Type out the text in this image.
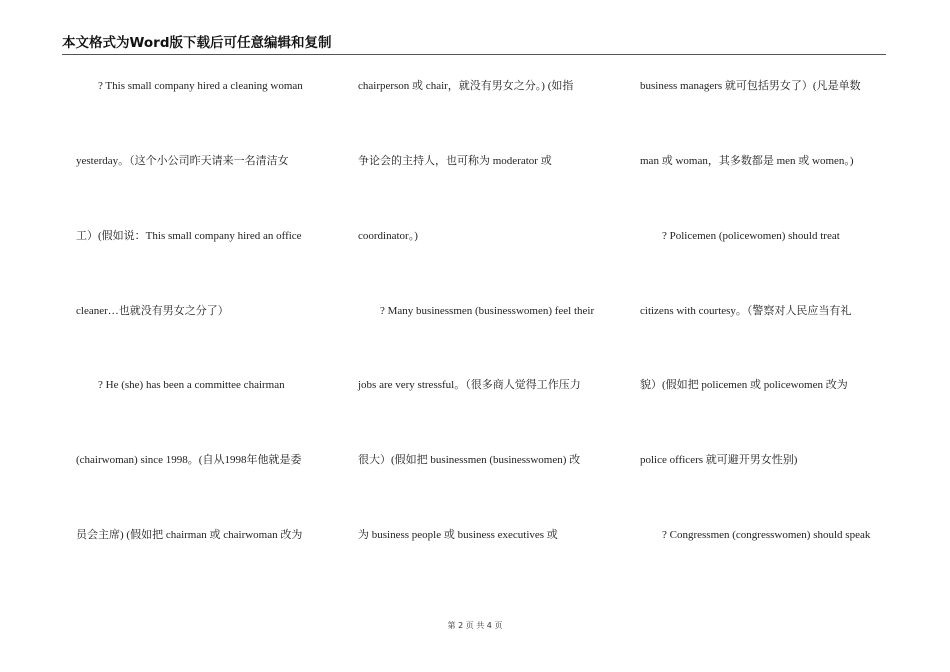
本文格式为Word版下载后可任意编辑和复制
? This small company hired a cleaning woman
yesterday。（这个小公司昨天请来一名清洁女
工）(假如说：This small company hired an office
cleaner…也就没有男女之分了）
? He (she) has been a committee chairman
(chairwoman) since 1998。(自从1998年他就是委
员会主席) (假如把 chairman 或 chairwoman 改为
chairperson 或 chair，就没有男女之分。) (如指
争论会的主持人，也可称为 moderator 或
coordinator。)
? Many businessmen (businesswomen) feel their
jobs are very stressful。（很多商人觉得工作压力
很大）(假如把 businessmen (businesswomen) 改
为 business people 或 business executives 或
business managers 就可包括男女了）(凡是单数
man 或 woman，其多数都是 men 或 women。)
? Policemen (policewomen) should treat
citizens with courtesy。（警察对人民应当有礼
貌）(假如把 policemen 或 policewomen 改为
police officers 就可避开男女性别)
? Congressmen (congresswomen) should speak
第 2 页 共 4 页
